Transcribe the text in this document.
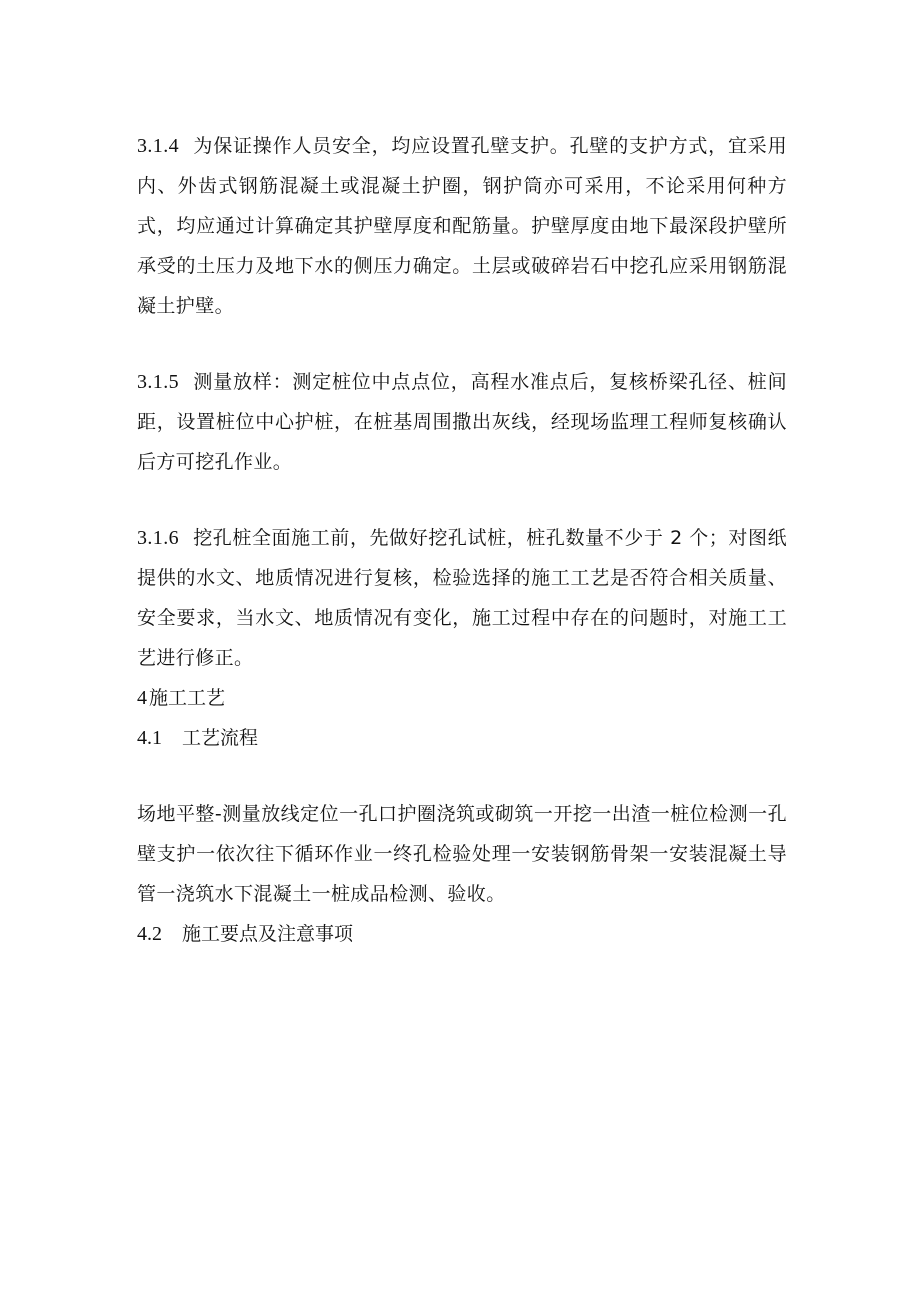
3.1.4 为保证操作人员安全，均应设置孔壁支护。孔壁的支护方式，宜采用内、外齿式钢筋混凝土或混凝土护圈，钢护筒亦可采用，不论采用何种方式，均应通过计算确定其护壁厚度和配筋量。护壁厚度由地下最深段护壁所承受的土压力及地下水的侧压力确定。土层或破碎岩石中挖孔应采用钢筋混凝土护壁。

3.1.5 测量放样：测定桩位中点点位，高程水准点后，复核桥梁孔径、桩间距，设置桩位中心护桩，在桩基周围撒出灰线，经现场监理工程师复核确认后方可挖孔作业。

3.1.6 挖孔桩全面施工前，先做好挖孔试桩，桩孔数量不少于 2 个；对图纸提供的水文、地质情况进行复核，检验选择的施工工艺是否符合相关质量、安全要求，当水文、地质情况有变化，施工过程中存在的问题时，对施工工艺进行修正。

4 施工工艺

4.1 工艺流程

场地平整-测量放线定位一孔口护圈浇筑或砌筑一开挖一出渣一桩位检测一孔壁支护一依次往下循环作业一终孔检验处理一安装钢筋骨架一安装混凝土导管一浇筑水下混凝土一桩成品检测、验收。

4.2 施工要点及注意事项
